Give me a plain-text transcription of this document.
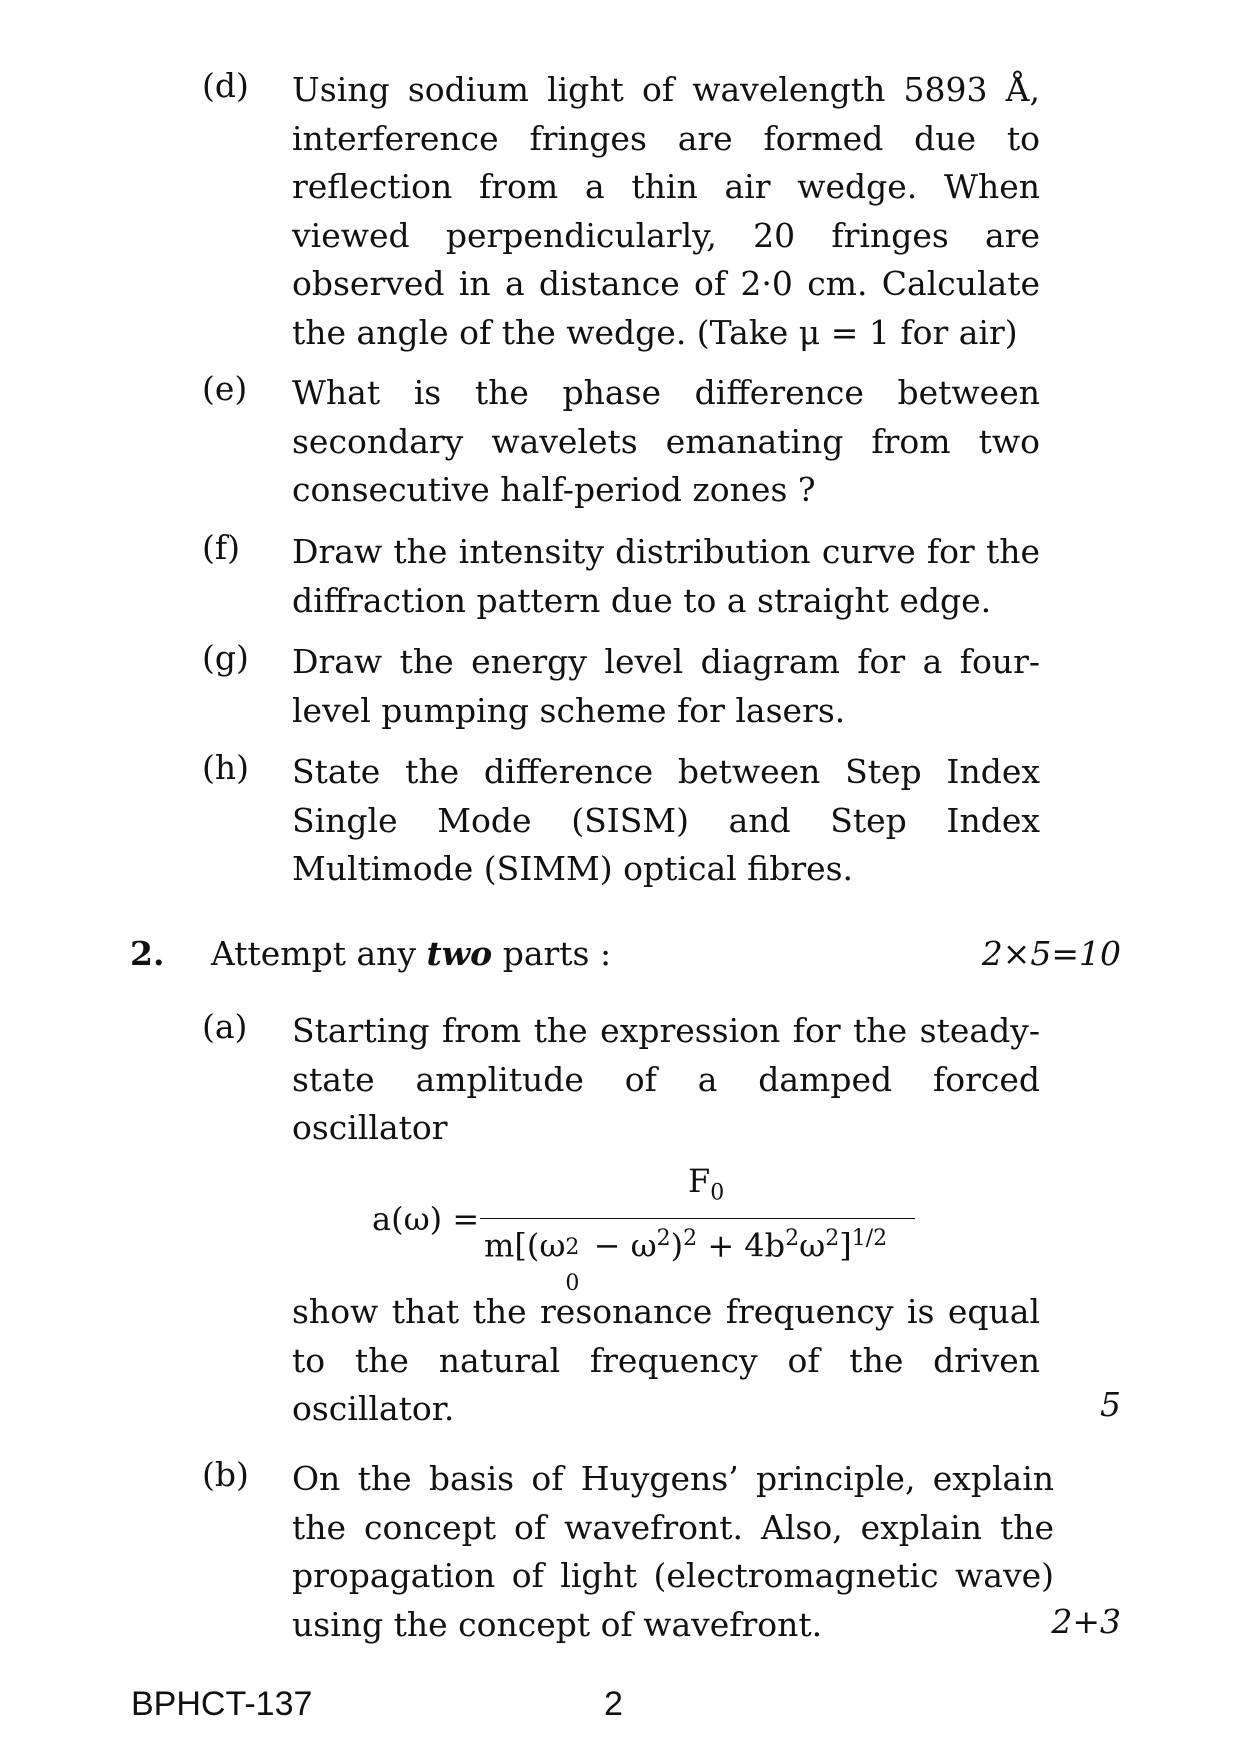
(d) Using sodium light of wavelength 5893 Å, interference fringes are formed due to reflection from a thin air wedge. When viewed perpendicularly, 20 fringes are observed in a distance of 2·0 cm. Calculate the angle of the wedge. (Take μ = 1 for air)
(e) What is the phase difference between secondary wavelets emanating from two consecutive half-period zones ?
(f) Draw the intensity distribution curve for the diffraction pattern due to a straight edge.
(g) Draw the energy level diagram for a four-level pumping scheme for lasers.
(h) State the difference between Step Index Single Mode (SISM) and Step Index Multimode (SIMM) optical fibres.
2. Attempt any two parts :	2×5=10
(a) Starting from the expression for the steady-state amplitude of a damped forced oscillator
a(ω) =
$F_0$
m[(ω 2
0
− $\omega^2)^2 + 4b^2\omega^2]^{1/2}$
show that the resonance frequency is equal to the natural frequency of the driven oscillator.	5
(b) On the basis of Huygens’ principle, explain the concept of wavefront. Also, explain the propagation of light (electromagnetic wave) using the concept of wavefront.	2+3
BPHCT-137	2
